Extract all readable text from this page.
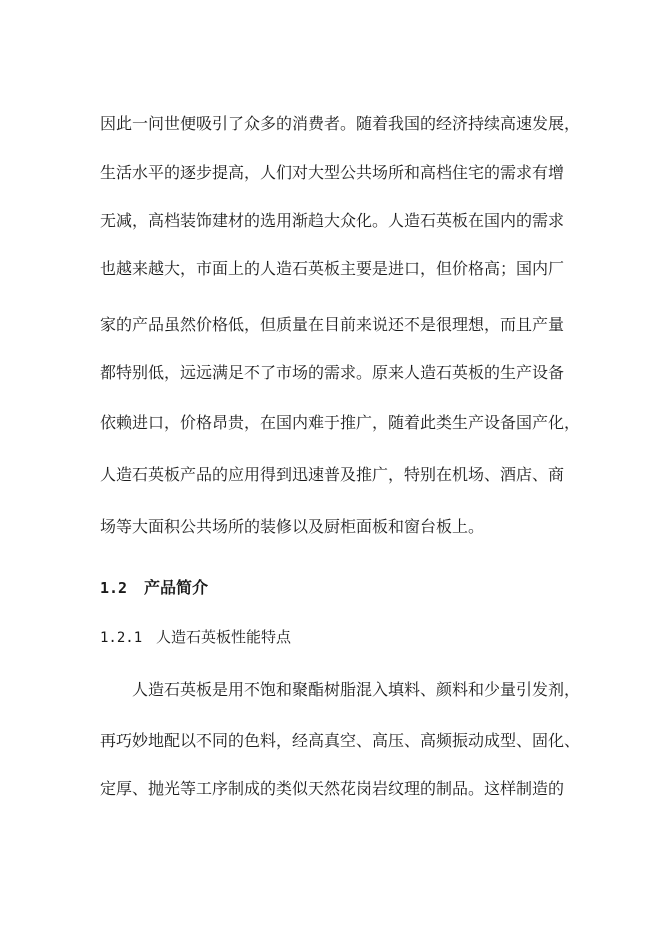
因此一问世便吸引了众多的消费者。随着我国的经济持续高速发展，
生活水平的逐步提高，人们对大型公共场所和高档住宅的需求有增
无减，高档装饰建材的选用渐趋大众化。人造石英板在国内的需求
也越来越大，市面上的人造石英板主要是进口，但价格高；国内厂
家的产品虽然价格低，但质量在目前来说还不是很理想，而且产量
都特别低，远远满足不了市场的需求。原来人造石英板的生产设备
依赖进口，价格昂贵，在国内难于推广，随着此类生产设备国产化，
人造石英板产品的应用得到迅速普及推广，特别在机场、酒店、商
场等大面积公共场所的装修以及厨柜面板和窗台板上。
1.2 产品简介
1.2.1 人造石英板性能特点
人造石英板是用不饱和聚酯树脂混入填料、颜料和少量引发剂，
再巧妙地配以不同的色料，经高真空、高压、高频振动成型、固化、
定厚、抛光等工序制成的类似天然花岗岩纹理的制品。这样制造的
